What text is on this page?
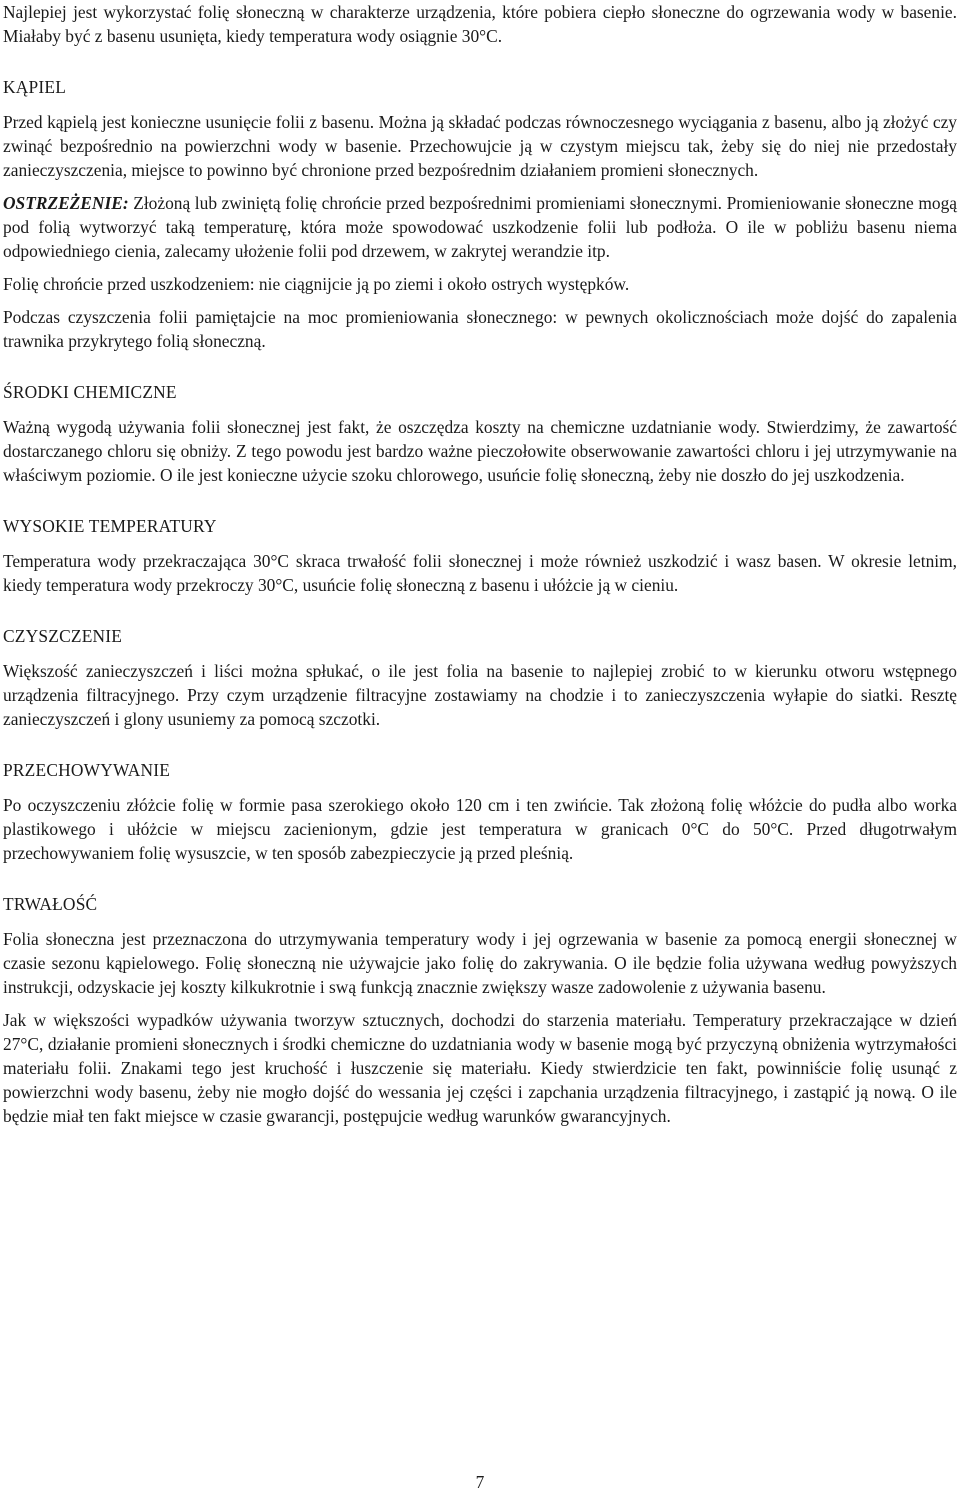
Najlepiej jest wykorzystać folię słoneczną w charakterze urządzenia, które pobiera ciepło słoneczne do ogrzewania wody w basenie. Miałaby być z basenu usunięta, kiedy temperatura wody osiągnie 30°C.

KĄPIEL

Przed kąpielą jest konieczne usunięcie folii z basenu. Można ją składać podczas równoczesnego wyciągania z basenu, albo ją złożyć czy zwinąć bezpośrednio na powierzchni wody w basenie. Przechowujcie ją w czystym miejscu tak, żeby się do niej nie przedostały zanieczyszczenia, miejsce to powinno być chronione przed bezpośrednim działaniem promieni słonecznych.

OSTRZEŻENIE: Złożoną lub zwiniętą folię chrońcie przed bezpośrednimi promieniami słonecznymi. Promieniowanie słoneczne mogą pod folią wytworzyć taką temperaturę, która może spowodować uszkodzenie folii lub podłoża. O ile w pobliżu basenu niema odpowiedniego cienia, zalecamy ułożenie folii pod drzewem, w zakrytej werandzie itp.

Folię chrońcie przed uszkodzeniem: nie ciągnijcie ją po ziemi i około ostrych występków.

Podczas czyszczenia folii pamiętajcie na moc promieniowania słonecznego: w pewnych okolicznościach może dojść do zapalenia trawnika przykrytego folią słoneczną.

ŚRODKI CHEMICZNE

Ważną wygodą używania folii słonecznej jest fakt, że oszczędza koszty na chemiczne uzdatnianie wody. Stwierdzimy, że zawartość dostarczanego chloru się obniży. Z tego powodu jest bardzo ważne pieczołowite obserwowanie zawartości chloru i jej utrzymywanie na właściwym poziomie. O ile jest konieczne użycie szoku chlorowego, usuńcie folię słoneczną, żeby nie doszło do jej uszkodzenia.

WYSOKIE TEMPERATURY

Temperatura wody przekraczająca 30°C skraca trwałość folii słonecznej i może również uszkodzić i wasz basen. W okresie letnim, kiedy temperatura wody przekroczy 30°C, usuńcie folię słoneczną z basenu i ułóżcie ją w cieniu.

CZYSZCZENIE

Większość zanieczyszczeń i liści można spłukać, o ile jest folia na basenie to najlepiej zrobić to w kierunku otworu wstępnego urządzenia filtracyjnego. Przy czym urządzenie filtracyjne zostawiamy na chodzie i to zanieczyszczenia wyłapie do siatki. Resztę zanieczyszczeń i glony usuniemy za pomocą szczotki.

PRZECHOWYWANIE

Po oczyszczeniu złóżcie folię w formie pasa szerokiego około 120 cm i ten zwińcie. Tak złożoną folię włóżcie do pudła albo worka plastikowego i ułóżcie w miejscu zacienionym, gdzie jest temperatura w granicach 0°C do 50°C. Przed długotrwałym przechowywaniem folię wysuszcie, w ten sposób zabezpieczycie ją przed pleśnią.

TRWAŁOŚĆ

Folia słoneczna jest przeznaczona do utrzymywania temperatury wody i jej ogrzewania w basenie za pomocą energii słonecznej w czasie sezonu kąpielowego. Folię słoneczną nie używajcie jako folię do zakrywania. O ile będzie folia używana według powyższych instrukcji, odzyskacie jej koszty kilkukrotnie i swą funkcją znacznie zwiększy wasze zadowolenie z używania basenu.

Jak w większości wypadków używania tworzyw sztucznych, dochodzi do starzenia materiału. Temperatury przekraczające w dzień 27°C, działanie promieni słonecznych i środki chemiczne do uzdatniania wody w basenie mogą być przyczyną obniżenia wytrzymałości materiału folii. Znakami tego jest kruchość i łuszczenie się materiału. Kiedy stwierdzicie ten fakt, powinniście folię usunąć z powierzchni wody basenu, żeby nie mogło dojść do wessania jej części i zapchania urządzenia filtracyjnego, i zastąpić ją nową. O ile będzie miał ten fakt miejsce w czasie gwarancji, postępujcie według warunków gwarancyjnych.

7
